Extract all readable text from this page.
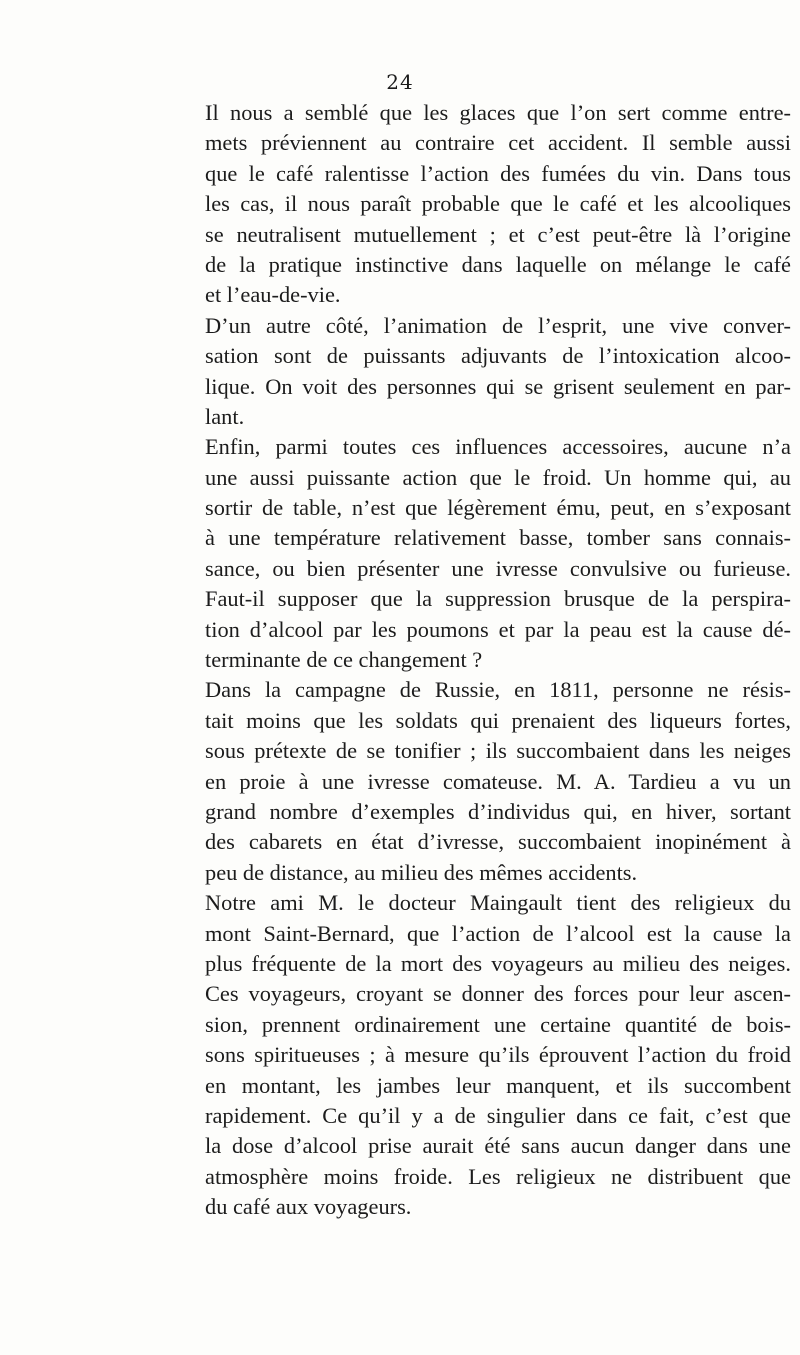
24
Il nous a semblé que les glaces que l’on sert comme entre-
mets préviennent au contraire cet accident. Il semble aussi
que le café ralentisse l’action des fumées du vin. Dans tous
les cas, il nous paraît probable que le café et les alcooliques
se neutralisent mutuellement ; et c’est peut-être là l’origine
de la pratique instinctive dans laquelle on mélange le café
et l’eau-de-vie.
D’un autre côté, l’animation de l’esprit, une vive conver-
sation sont de puissants adjuvants de l’intoxication alcoo-
lique. On voit des personnes qui se grisent seulement en par-
lant.
Enfin, parmi toutes ces influences accessoires, aucune n’a
une aussi puissante action que le froid. Un homme qui, au
sortir de table, n’est que légèrement ému, peut, en s’exposant
à une température relativement basse, tomber sans connais-
sance, ou bien présenter une ivresse convulsive ou furieuse.
Faut-il supposer que la suppression brusque de la perspira-
tion d’alcool par les poumons et par la peau est la cause dé-
terminante de ce changement ?
Dans la campagne de Russie, en 1811, personne ne résis-
tait moins que les soldats qui prenaient des liqueurs fortes,
sous prétexte de se tonifier ; ils succombaient dans les neiges
en proie à une ivresse comateuse. M. A. Tardieu a vu un
grand nombre d’exemples d’individus qui, en hiver, sortant
des cabarets en état d’ivresse, succombaient inopinément à
peu de distance, au milieu des mêmes accidents.
Notre ami M. le docteur Maingault tient des religieux du
mont Saint-Bernard, que l’action de l’alcool est la cause la
plus fréquente de la mort des voyageurs au milieu des neiges.
Ces voyageurs, croyant se donner des forces pour leur ascen-
sion, prennent ordinairement une certaine quantité de bois-
sons spiritueuses ; à mesure qu’ils éprouvent l’action du froid
en montant, les jambes leur manquent, et ils succombent
rapidement. Ce qu’il y a de singulier dans ce fait, c’est que
la dose d’alcool prise aurait été sans aucun danger dans une
atmosphère moins froide. Les religieux ne distribuent que
du café aux voyageurs.
